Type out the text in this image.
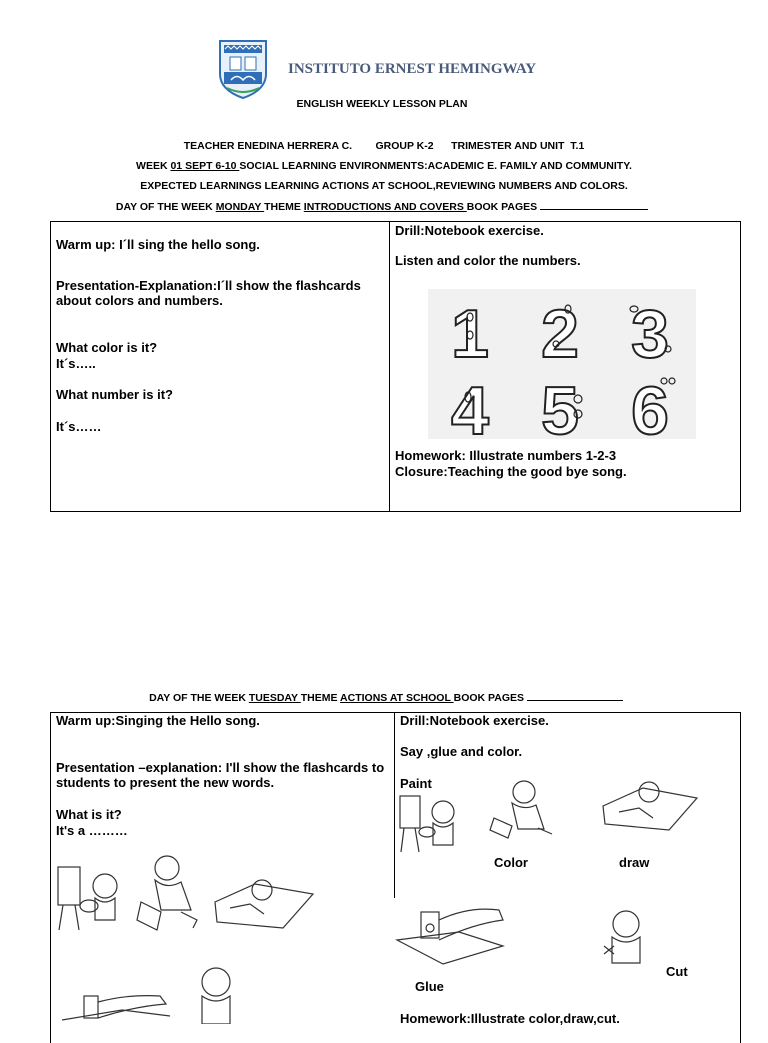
INSTITUTO ERNEST HEMINGWAY
ENGLISH WEEKLY LESSON PLAN
TEACHER ENEDINA HERRERA C.        GROUP K-2      TRIMESTER AND UNIT  T.1
WEEK 01 SEPT 6-10 SOCIAL LEARNING ENVIRONMENTS:ACADEMIC E. FAMILY AND COMMUNITY.
EXPECTED LEARNINGS LEARNING ACTIONS AT SCHOOL,REVIEWING NUMBERS AND COLORS.
DAY OF THE WEEK MONDAY THEME INTRODUCTIONS AND COVERS BOOK PAGES
Warm up: I´ll sing the hello song.
Presentation-Explanation:I´ll show the flashcards about colors and numbers.
What color is it?
It´s…..
What number is it?
It´s……
Drill:Notebook exercise.
Listen and color the numbers.
1 2 3
4 5 6
Homework: Illustrate numbers 1-2-3
Closure:Teaching the good bye song.
DAY OF THE WEEK TUESDAY THEME ACTIONS AT SCHOOL BOOK PAGES
Warm up:Singing the Hello song.
Presentation –explanation: I'll show the flashcards to students to present the new words.
What is it?
It's a ………
Drill:Notebook exercise.
Say ,glue and color.
Paint
Color	draw
Cut
Glue
Homework:Illustrate color,draw,cut.
